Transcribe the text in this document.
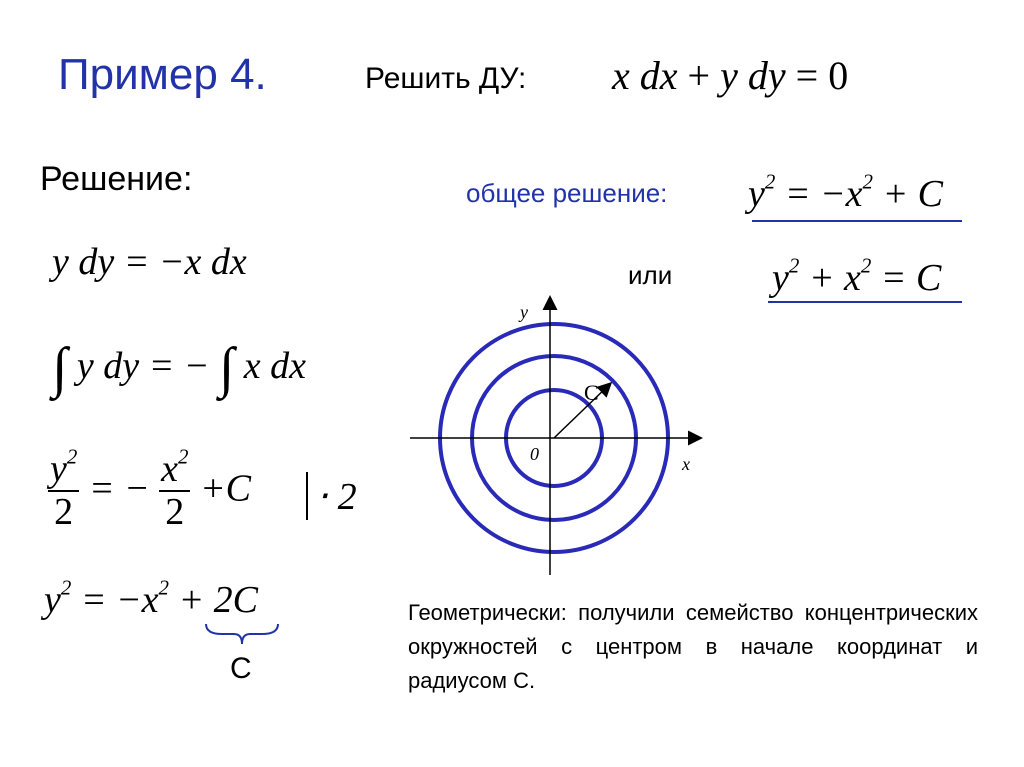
Пример 4.	Решить ДУ: x dx + y dy = 0
Решение:
y dy = −x dx
∫ y dy = − ∫ x dx
$\frac{y^2}{2}$ = − $\frac{x^2}{2} +C \cdot 2$
$y^2 = -x^2 + 2C$
C
общее решение: $y^2 = -x^2 + C$
или	$y^2 + x^2 = C$
y
x
0
C
Геометрически: получили семейство концентрических окружностей с центром в начале координат и радиусом С.
